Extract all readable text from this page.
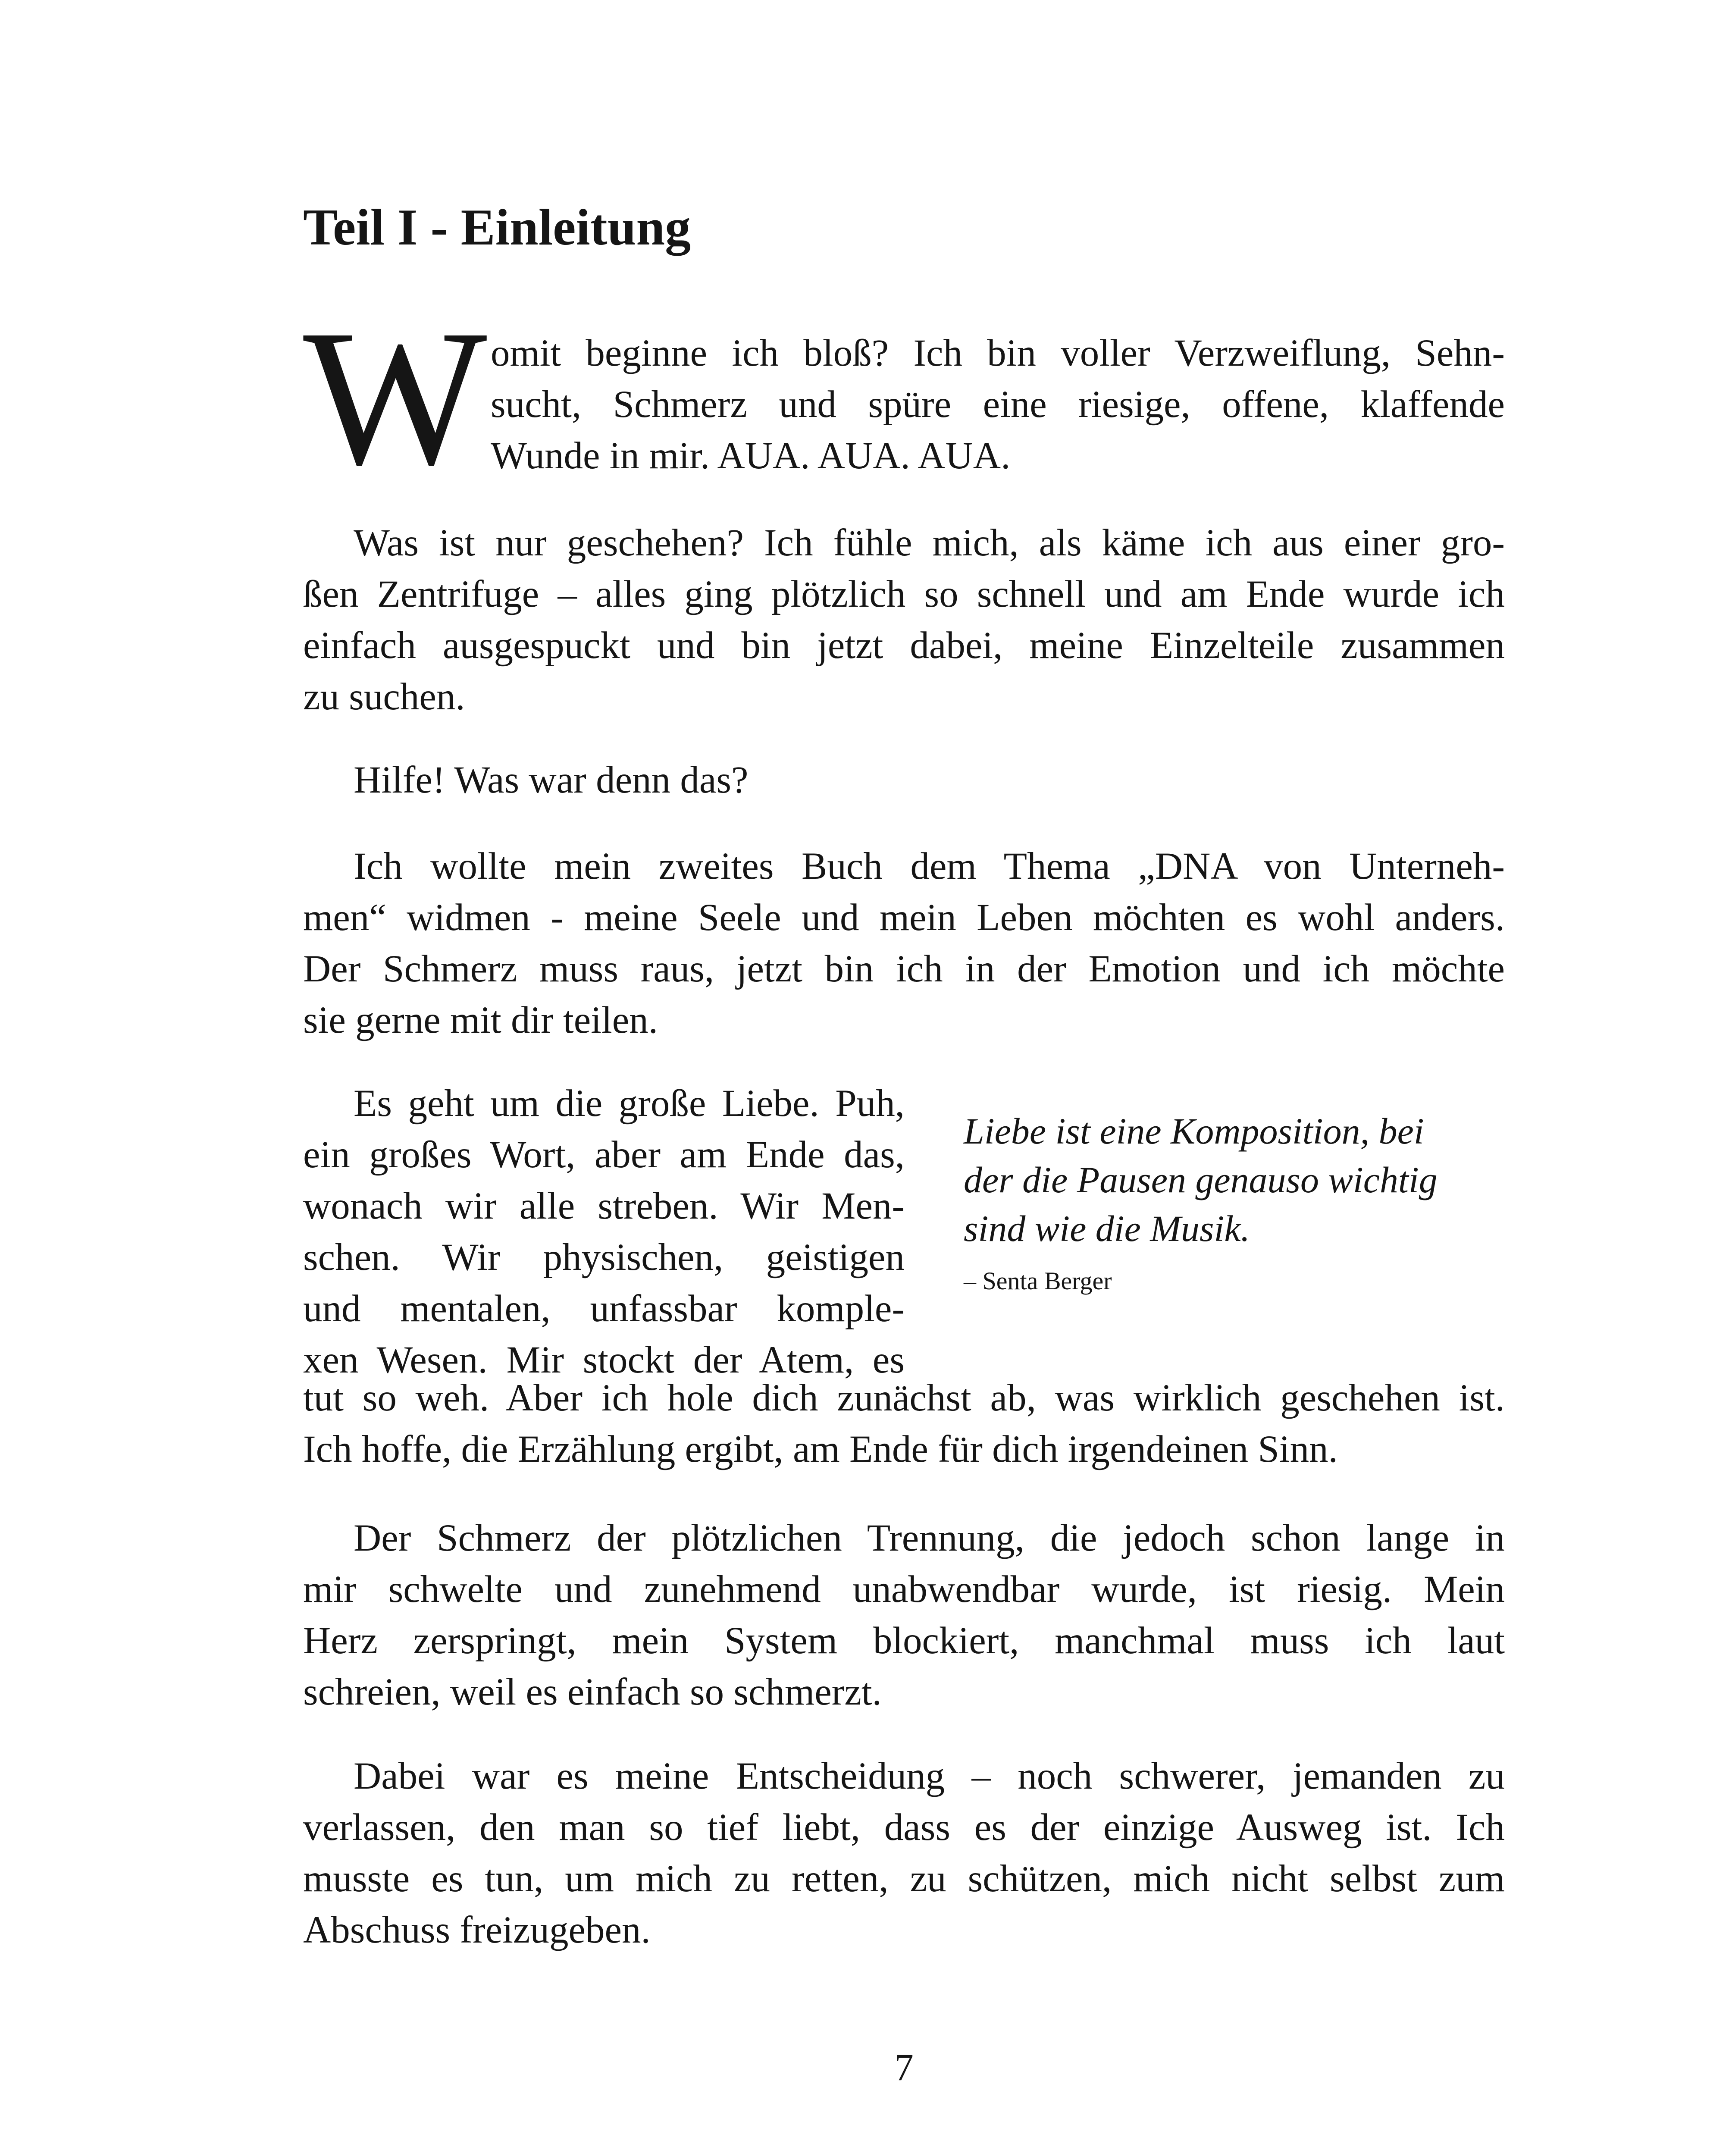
Teil I - Einleitung
W omit beginne ich bloß? Ich bin voller Verzweiflung, Sehn-
sucht, Schmerz und spüre eine riesige, offene, klaffende
Wunde in mir. AUA. AUA. AUA.

Was ist nur geschehen? Ich fühle mich, als käme ich aus einer gro-
ßen Zentrifuge – alles ging plötzlich so schnell und am Ende wurde ich
einfach ausgespuckt und bin jetzt dabei, meine Einzelteile zusammen
zu suchen.

Hilfe! Was war denn das?

Ich wollte mein zweites Buch dem Thema „DNA von Unterneh-
men“ widmen - meine Seele und mein Leben möchten es wohl anders.
Der Schmerz muss raus, jetzt bin ich in der Emotion und ich möchte
sie gerne mit dir teilen.

Es geht um die große Liebe. Puh,
ein großes Wort, aber am Ende das,
wonach wir alle streben. Wir Men-
schen. Wir physischen, geistigen
und mentalen, unfassbar komple-
xen Wesen. Mir stockt der Atem, es

tut so weh. Aber ich hole dich zunächst ab, was wirklich geschehen ist.
Ich hoffe, die Erzählung ergibt, am Ende für dich irgendeinen Sinn.

Liebe ist eine Komposition, bei
der die Pausen genauso wichtig
sind wie die Musik.
– Senta Berger

Der Schmerz der plötzlichen Trennung, die jedoch schon lange in
mir schwelte und zunehmend unabwendbar wurde, ist riesig. Mein
Herz zerspringt, mein System blockiert, manchmal muss ich laut
schreien, weil es einfach so schmerzt.

Dabei war es meine Entscheidung – noch schwerer, jemanden zu
verlassen, den man so tief liebt, dass es der einzige Ausweg ist. Ich
musste es tun, um mich zu retten, zu schützen, mich nicht selbst zum
Abschuss freizugeben.

7
